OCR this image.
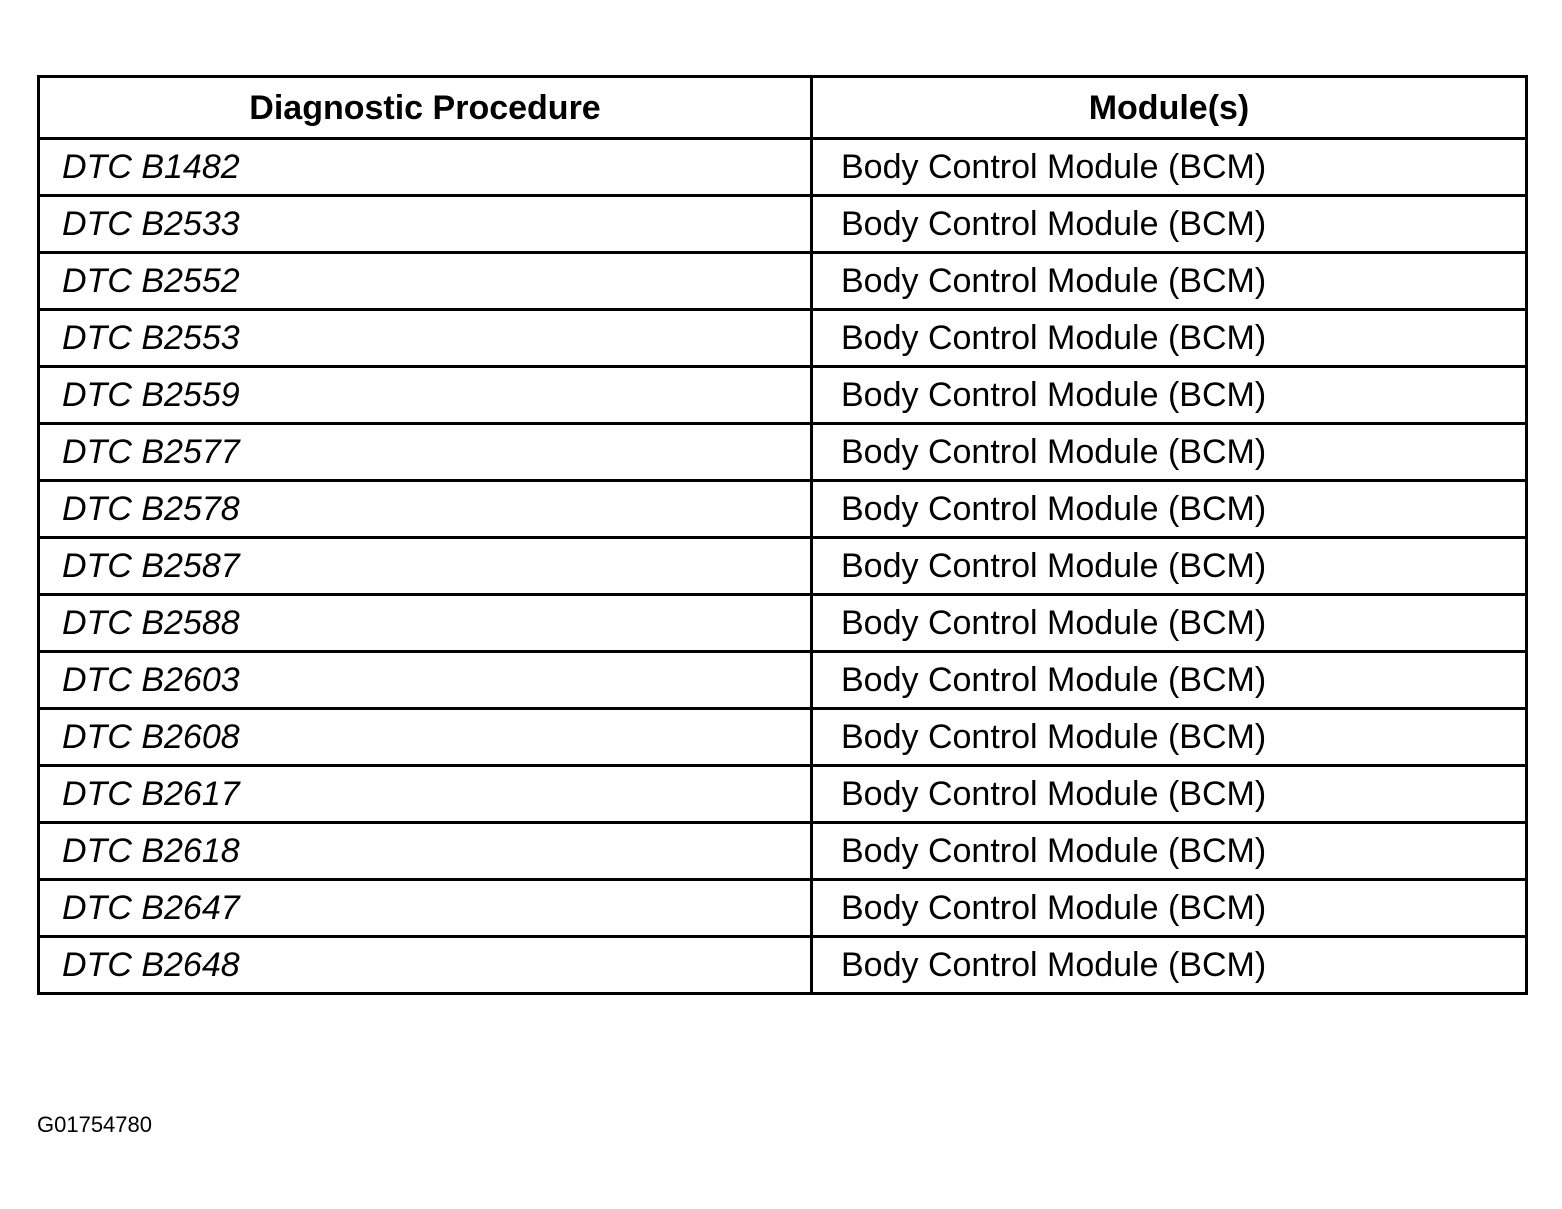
Diagnostic Procedure	Module(s)
DTC B1482	Body Control Module (BCM)
DTC B2533	Body Control Module (BCM)
DTC B2552	Body Control Module (BCM)
DTC B2553	Body Control Module (BCM)
DTC B2559	Body Control Module (BCM)
DTC B2577	Body Control Module (BCM)
DTC B2578	Body Control Module (BCM)
DTC B2587	Body Control Module (BCM)
DTC B2588	Body Control Module (BCM)
DTC B2603	Body Control Module (BCM)
DTC B2608	Body Control Module (BCM)
DTC B2617	Body Control Module (BCM)
DTC B2618	Body Control Module (BCM)
DTC B2647	Body Control Module (BCM)
DTC B2648	Body Control Module (BCM)
G01754780
